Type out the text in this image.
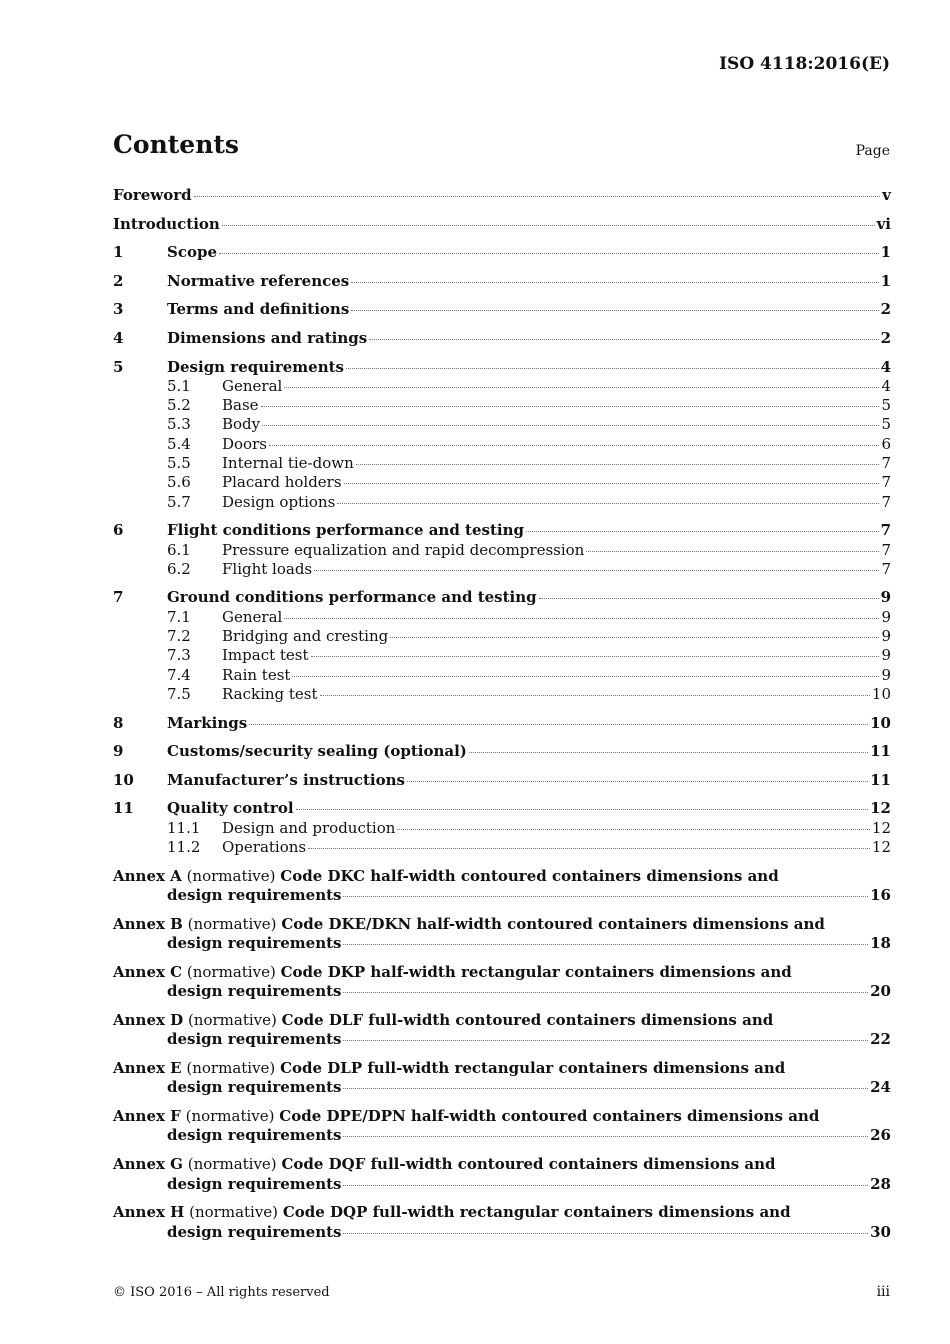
ISO 4118:2016(E)
Contents	Page
Foreword	v
Introduction	vi
1	Scope	1
2	Normative references	1
3	Terms and definitions	2
4	Dimensions and ratings	2
5	Design requirements	4
5.1	General	4
5.2	Base	5
5.3	Body	5
5.4	Doors	6
5.5	Internal tie-down	7
5.6	Placard holders	7
5.7	Design options	7
6	Flight conditions performance and testing	7
6.1	Pressure equalization and rapid decompression	7
6.2	Flight loads	7
7	Ground conditions performance and testing	9
7.1	General	9
7.2	Bridging and cresting	9
7.3	Impact test	9
7.4	Rain test	9
7.5	Racking test	10
8	Markings	10
9	Customs/security sealing (optional)	11
10	Manufacturer’s instructions	11
11	Quality control	12
11.1	Design and production	12
11.2	Operations	12
Annex A (normative) Code DKC half-width contoured containers dimensions and
design requirements	16
Annex B (normative) Code DKE/DKN half-width contoured containers dimensions and
design requirements	18
Annex C (normative) Code DKP half-width rectangular containers dimensions and
design requirements	20
Annex D (normative) Code DLF full-width contoured containers dimensions and
design requirements	22
Annex E (normative) Code DLP full-width rectangular containers dimensions and
design requirements	24
Annex F (normative) Code DPE/DPN half-width contoured containers dimensions and
design requirements	26
Annex G (normative) Code DQF full-width contoured containers dimensions and
design requirements	28
Annex H (normative) Code DQP full-width rectangular containers dimensions and
design requirements	30
© ISO 2016 – All rights reserved	iii
